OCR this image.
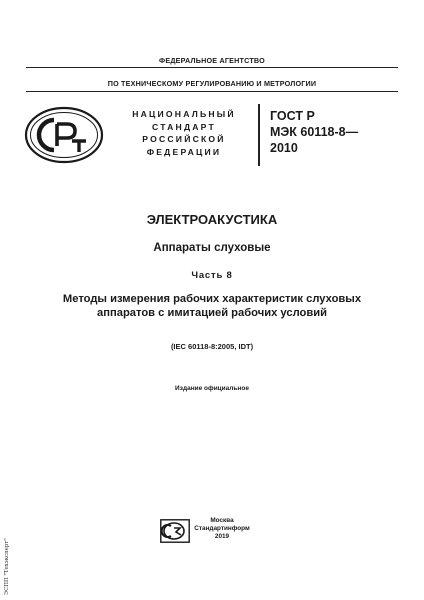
ФЕДЕРАЛЬНОЕ АГЕНТСТВО
ПО ТЕХНИЧЕСКОМУ РЕГУЛИРОВАНИЮ И МЕТРОЛОГИИ
НАЦИОНАЛЬНЫЙ
СТАНДАРТ
РОССИЙСКОЙ
ФЕДЕРАЦИИ
ГОСТ Р
МЭК 60118-8—
2010
ЭЛЕКТРОАКУСТИКА
Аппараты слуховые
Часть 8
Методы измерения рабочих характеристик слуховых
аппаратов с имитацией рабочих условий
(IEC 60118-8:2005, IDT)
Издание официальное
Москва
Стандартинформ
2019
ЭСПП "Техэксперт"
